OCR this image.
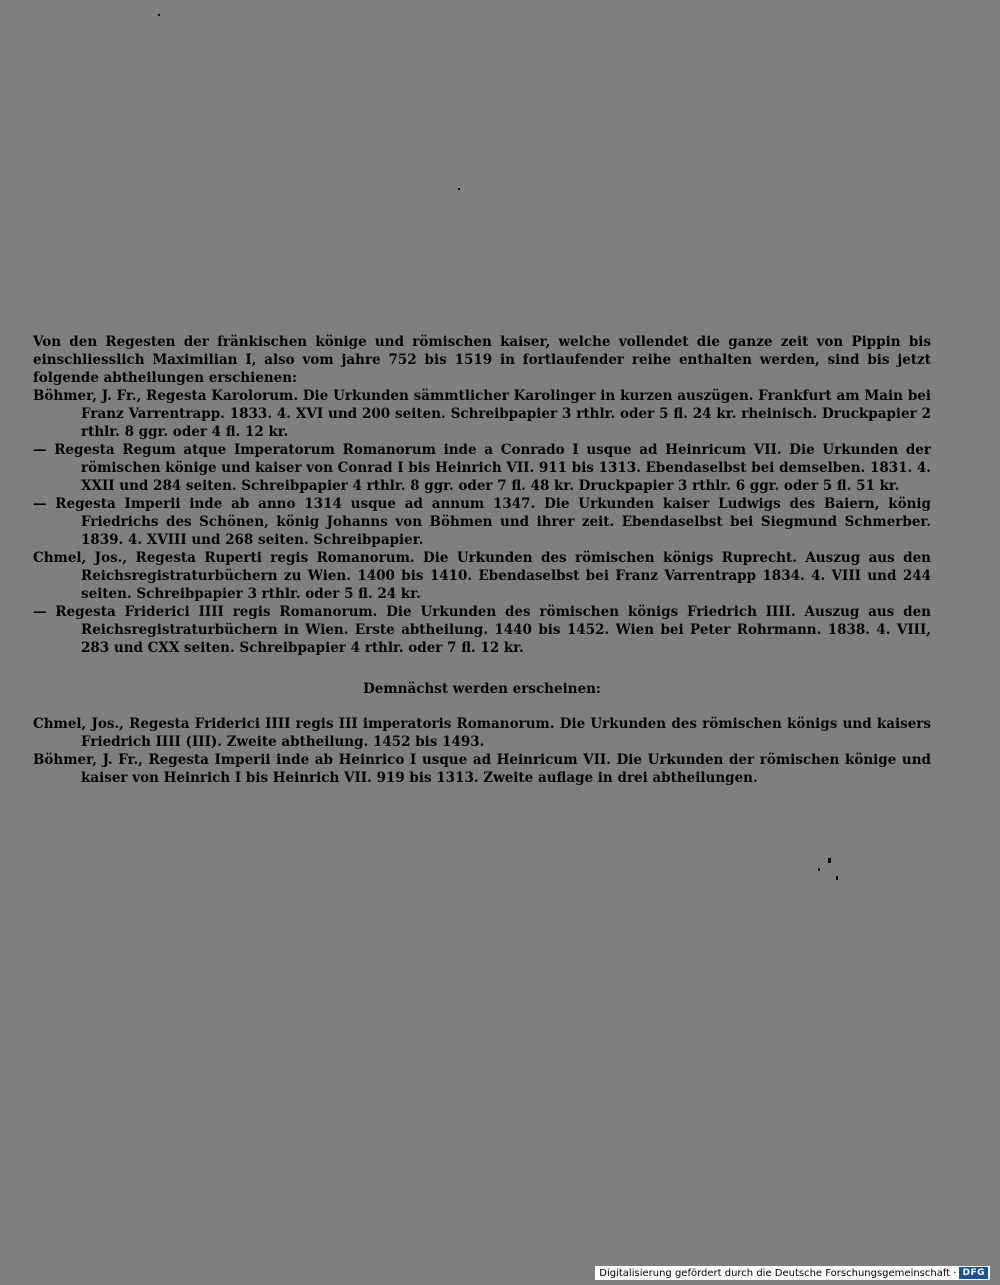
Von den Regesten der fränkischen könige und römischen kaiser, welche vollendet die ganze zeit von Pippin bis einschliesslich Maximilian I, also vom jahre 752 bis 1519 in fortlaufender reihe enthalten werden, sind bis jetzt folgende abtheilungen erschienen:
Böhmer, J. Fr., Regesta Karolorum. Die Urkunden sämmtlicher Karolinger in kurzen auszügen. Frankfurt am Main bei Franz Varrentrapp. 1833. 4. XVI und 200 seiten. Schreibpapier 3 rthlr. oder 5 fl. 24 kr. rheinisch. Druckpapier 2 rthlr. 8 ggr. oder 4 fl. 12 kr.
— Regesta Regum atque Imperatorum Romanorum inde a Conrado I usque ad Heinricum VII. Die Urkunden der römischen könige und kaiser von Conrad I bis Heinrich VII. 911 bis 1313. Ebendaselbst bei demselben. 1831. 4. XXII und 284 seiten. Schreibpapier 4 rthlr. 8 ggr. oder 7 fl. 48 kr. Druckpapier 3 rthlr. 6 ggr. oder 5 fl. 51 kr.
— Regesta Imperii inde ab anno 1314 usque ad annum 1347. Die Urkunden kaiser Ludwigs des Baiern, könig Friedrichs des Schönen, könig Johanns von Böhmen und ihrer zeit. Ebendaselbst bei Siegmund Schmerber. 1839. 4. XVIII und 268 seiten. Schreibpapier.
Chmel, Jos., Regesta Ruperti regis Romanorum. Die Urkunden des römischen königs Ruprecht. Auszug aus den Reichsregistraturbüchern zu Wien. 1400 bis 1410. Ebendaselbst bei Franz Varrentrapp 1834. 4. VIII und 244 seiten. Schreibpapier 3 rthlr. oder 5 fl. 24 kr.
— Regesta Friderici IIII regis Romanorum. Die Urkunden des römischen königs Friedrich IIII. Auszug aus den Reichsregistraturbüchern in Wien. Erste abtheilung. 1440 bis 1452. Wien bei Peter Rohrmann. 1838. 4. VIII, 283 und CXX seiten. Schreibpapier 4 rthlr. oder 7 fl. 12 kr.
Demnächst werden erscheinen:
Chmel, Jos., Regesta Friderici IIII regis III imperatoris Romanorum. Die Urkunden des römischen königs und kaisers Friedrich IIII (III). Zweite abtheilung. 1452 bis 1493.
Böhmer, J. Fr., Regesta Imperii inde ab Heinrico I usque ad Heinricum VII. Die Urkunden der römischen könige und kaiser von Heinrich I bis Heinrich VII. 919 bis 1313. Zweite auflage in drei abtheilungen.
Digitalisierung gefördert durch die Deutsche Forschungsgemeinschaft · DFG
